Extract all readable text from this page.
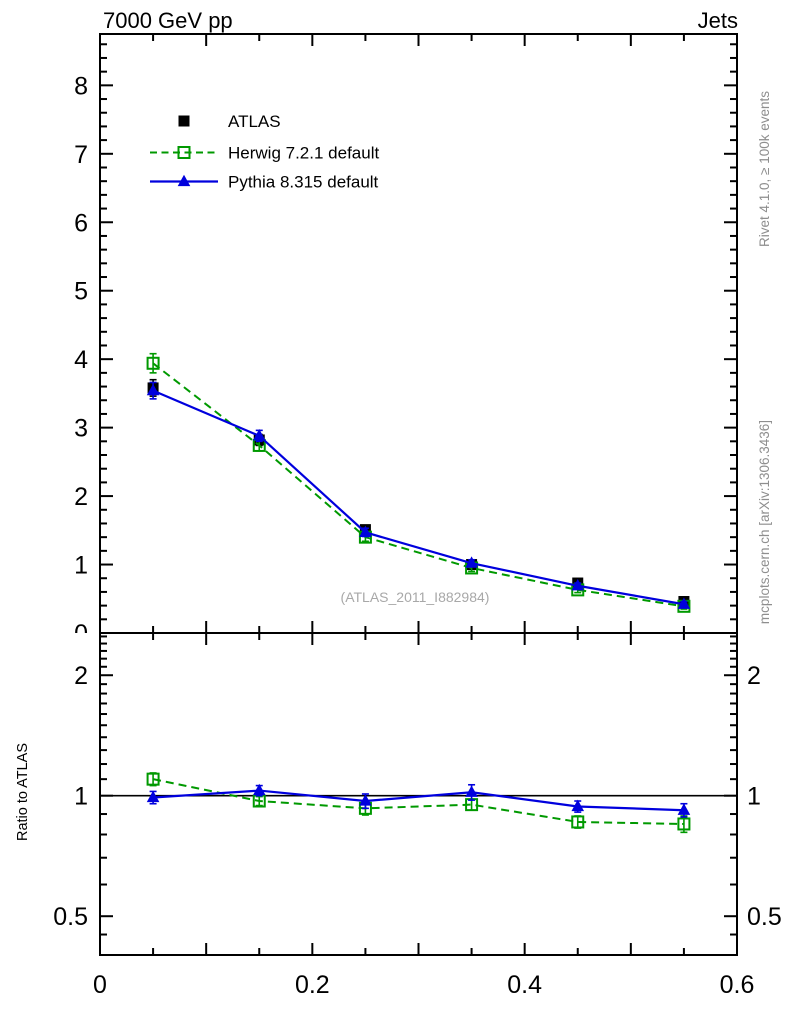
1
2
3
4
5
6
7
8
0.5	0.5
1	1
2	2
0	0.2	0.4	0.6
7000 GeV pp	Jets
Rivet 4.1.0, ≥ 100k events
mcplots.cern.ch [arXiv:1306.3436]
(ATLAS_2011_I882984)
Ratio to ATLAS
ATLAS
Herwig 7.2.1 default
Pythia 8.315 default
